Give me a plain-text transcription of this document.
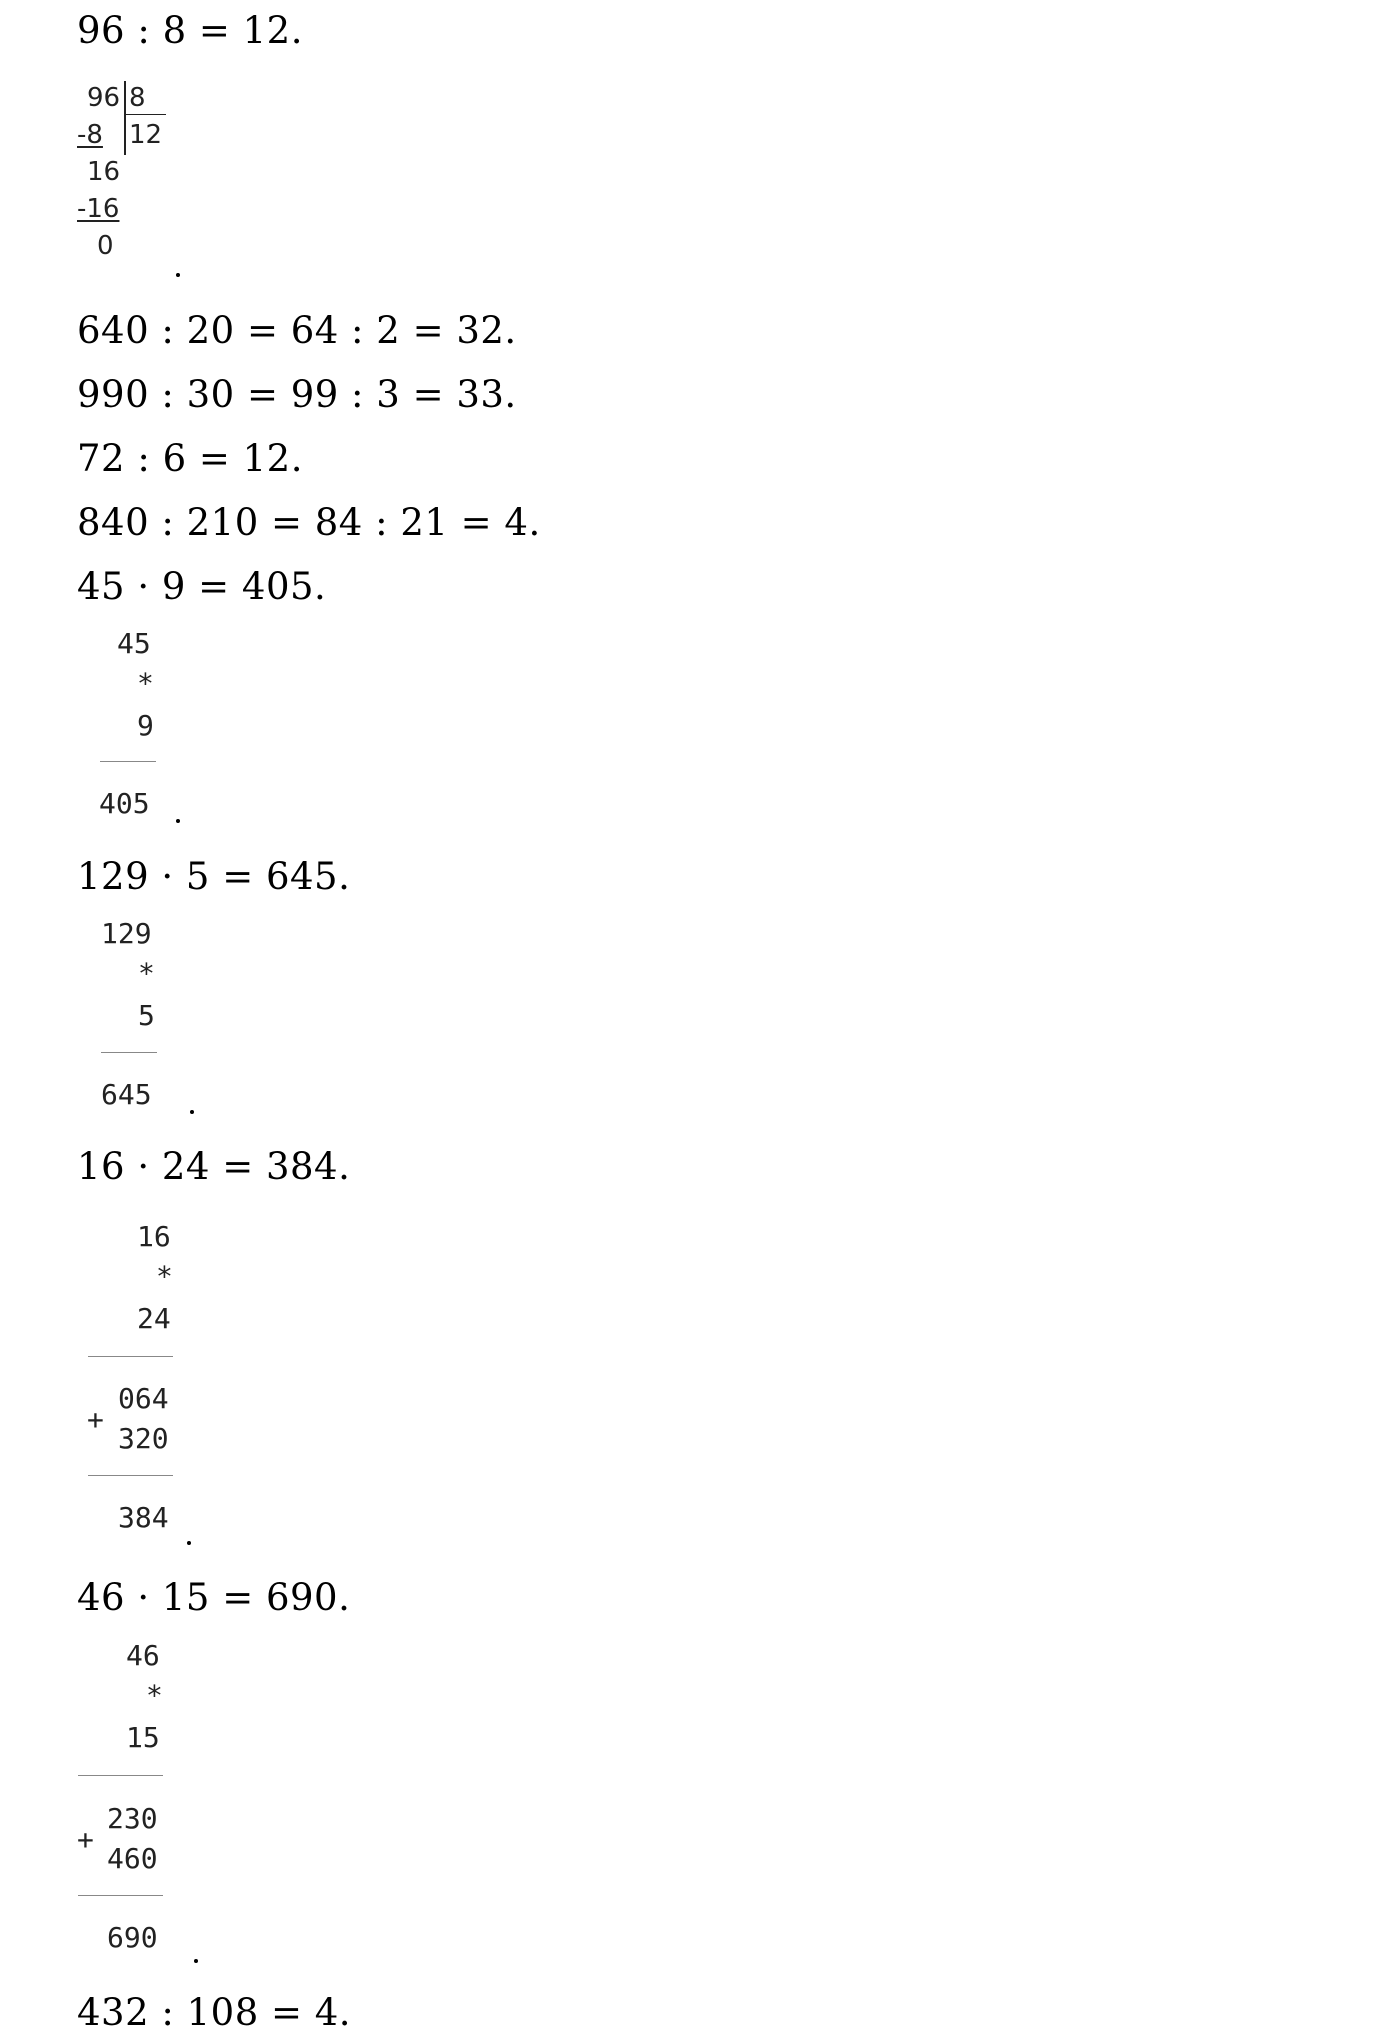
96 : 8 = 12.

96 8
12
-8
16
-16
0

640 : 20 = 64 : 2 = 32.

990 : 30 = 99 : 3 = 33.

72 : 6 = 12.

840 : 210 = 84 : 21 = 4.

45 · 9 = 405.

45
*
9
405

129 · 5 = 645.

129
*
5
645

16 · 24 = 384.

16
*
24
064
+
320
384

46 · 15 = 690.

46
*
15
230
+
460
690

432 : 108 = 4.
